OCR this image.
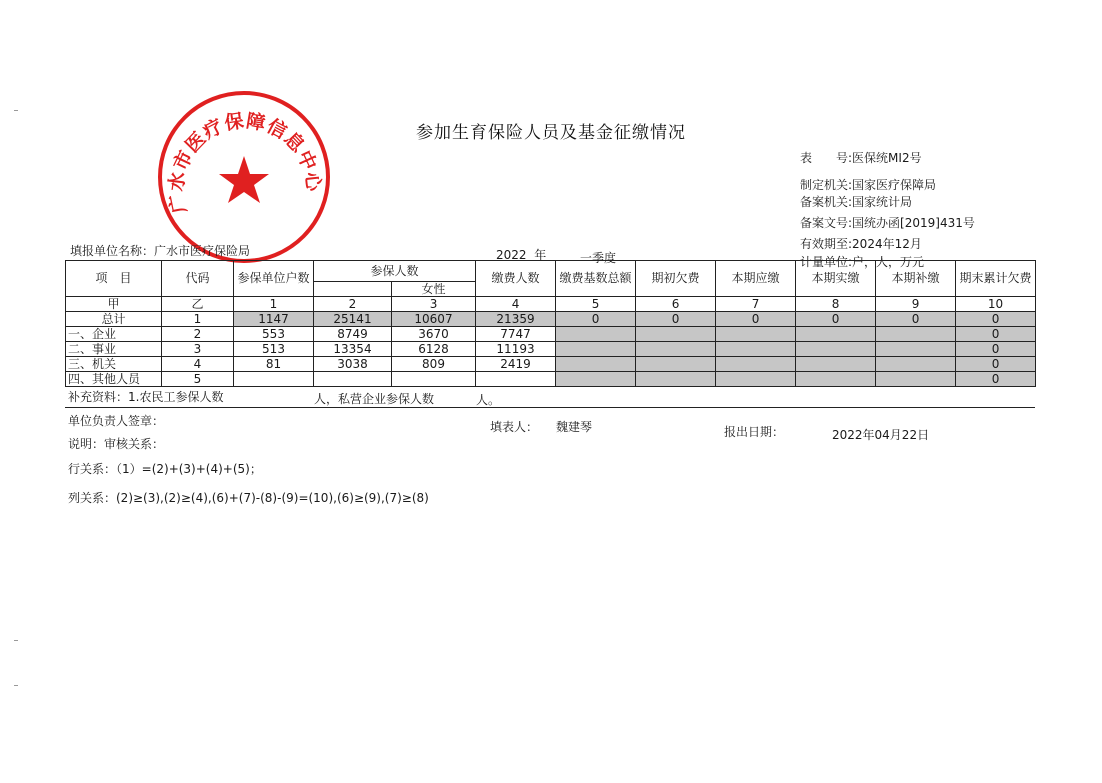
参加生育保险人员及基金征缴情况
广水市医疗保障信息中心
表　　号:医保统MI2号
制定机关:国家医疗保障局
备案机关:国家统计局
备案文号:国统办函[2019]431号
有效期至:2024年12月
计量单位:户，人，万元
填报单位名称：广水市医疗保险局	2022 年	一季度
项　目	代码	参保单位户数	参保人数		缴费人数	缴费基数总额	期初欠费	本期应缴	本期实缴	本期补缴	期末累计欠费
				女性							
甲	乙	1	2	3	4	5	6	7	8	9	10
总计	1	1147	25141	10607	21359	0	0	0	0	0	0
一、企业	2	553	8749	3670	7747						0
二、事业	3	513	13354	6128	11193						0
三、机关	4	81	3038	809	2419						0
四、其他人员	5										0
补充资料：1.农民工参保人数	人，私营企业参保人数	人。
单位负责人签章：	填表人： 魏建琴	报出日期：	2022年04月22日
说明：审核关系：
行关系：（1）=(2)+(3)+(4)+(5)；
列关系：(2)≥(3),(2)≥(4),(6)+(7)-(8)-(9)=(10),(6)≥(9),(7)≥(8)
